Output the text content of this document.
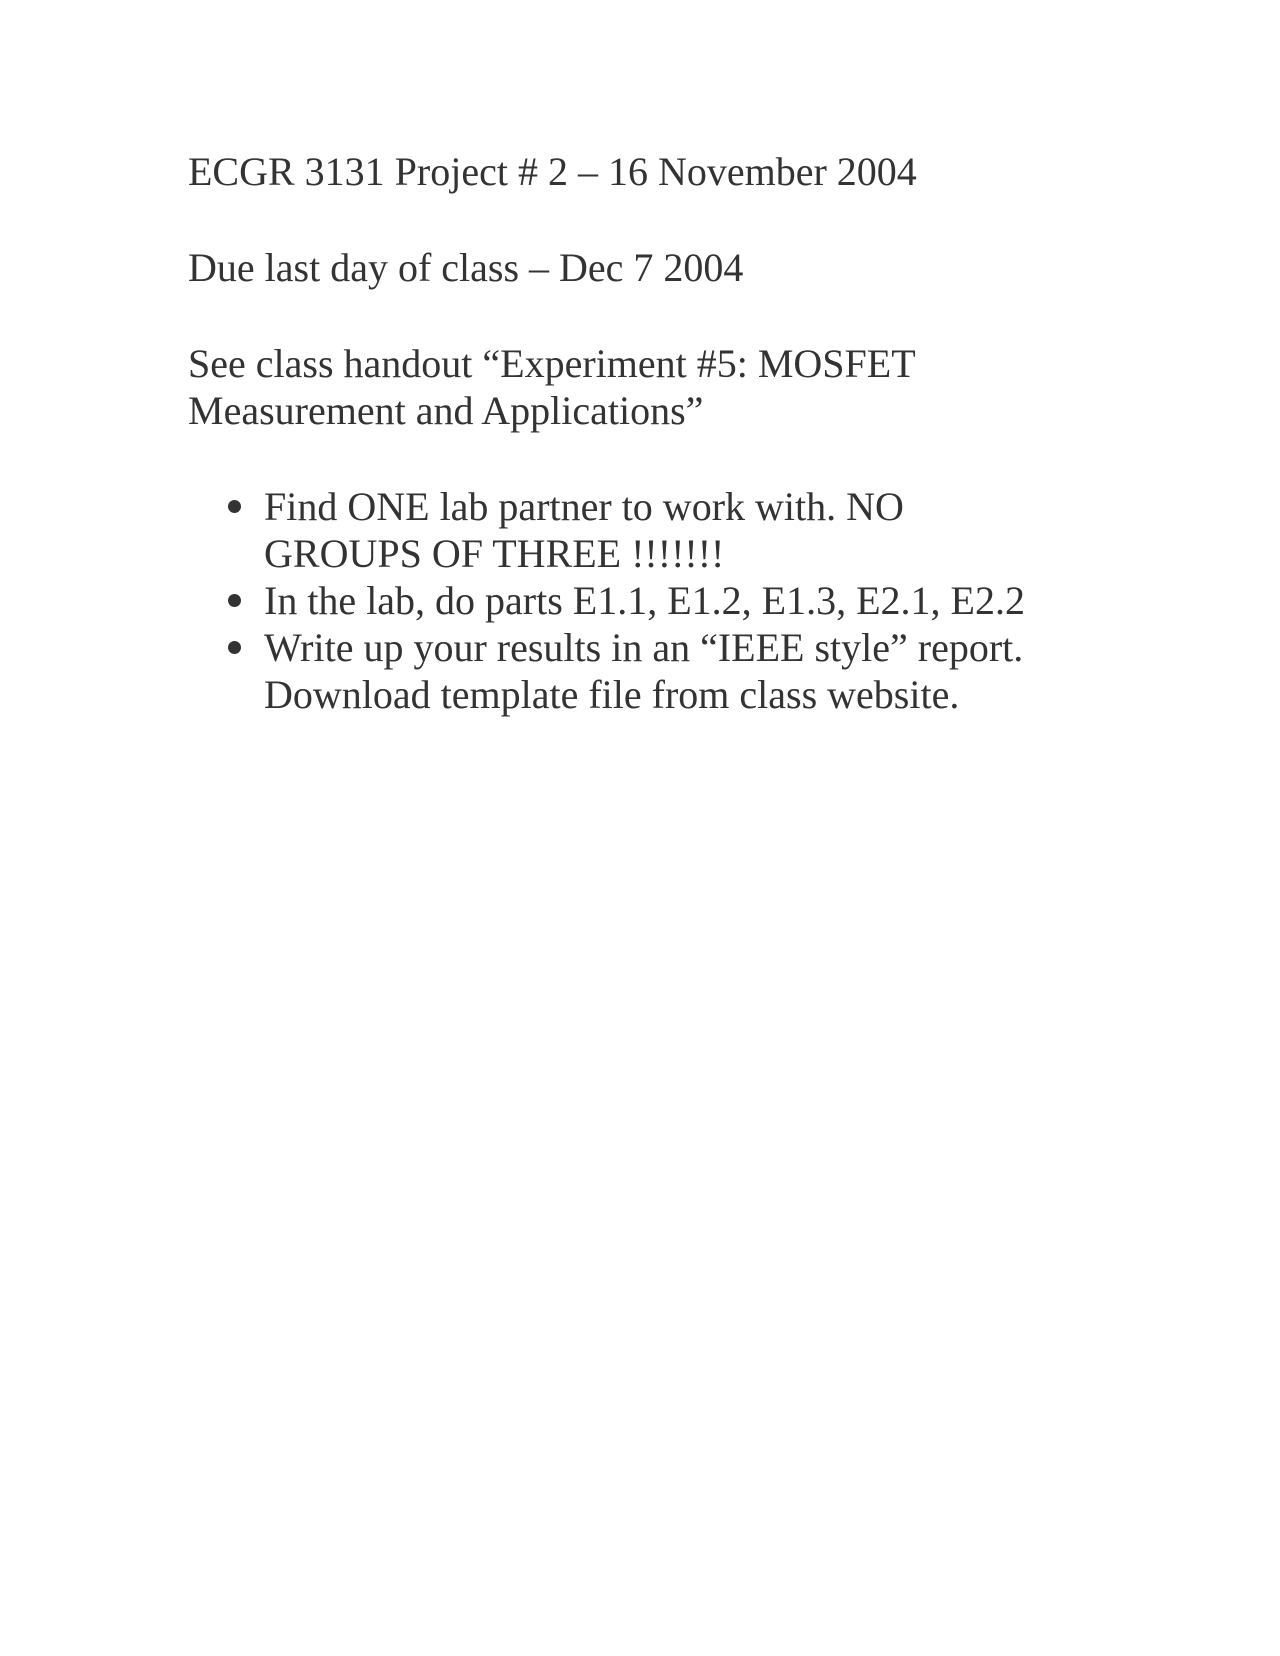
ECGR 3131 Project # 2 – 16 November 2004

Due last day of class – Dec 7 2004

See class handout “Experiment #5: MOSFET

Measurement and Applications”

Find ONE lab partner to work with. NO
GROUPS OF THREE !!!!!!!
In the lab, do parts E1.1, E1.2, E1.3, E2.1, E2.2
Write up your results in an “IEEE style” report.
Download template file from class website.
